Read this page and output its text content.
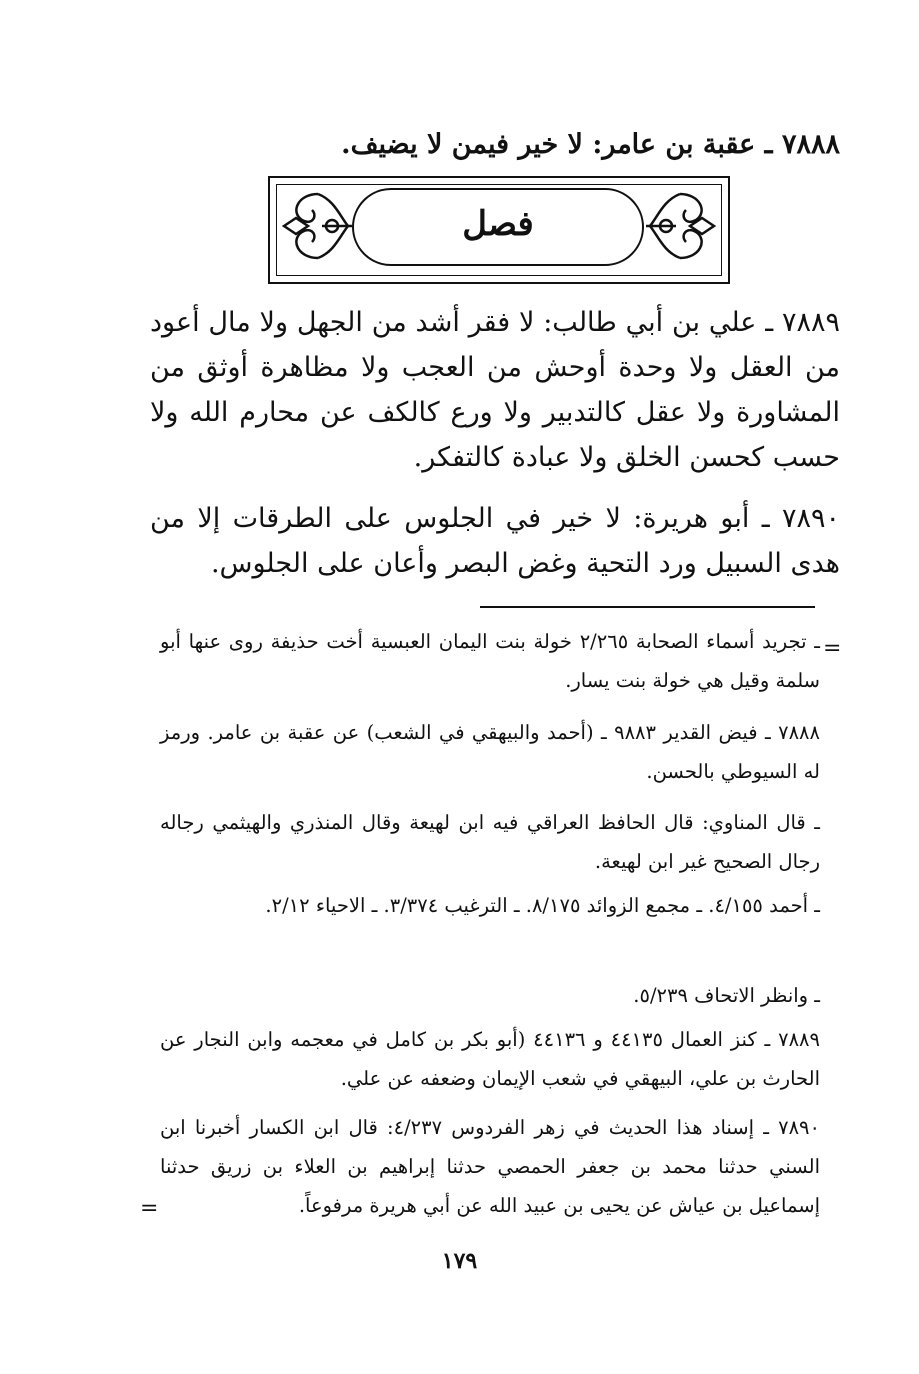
٧٨٨٨ ـ عقبة بن عامر: لا خير فيمن لا يضيف.

فصل

٧٨٨٩ ـ علي بن أبي طالب: لا فقر أشد من الجهل ولا مال أعود من العقل ولا وحدة أوحش من العجب ولا مظاهرة أوثق من المشاورة ولا عقل كالتدبير ولا ورع كالكف عن محارم الله ولا حسب كحسن الخلق ولا عبادة كالتفكر.

٧٨٩٠ ـ أبو هريرة: لا خير في الجلوس على الطرقات إلا من هدى السبيل ورد التحية وغض البصر وأعان على الجلوس.

=

ـ تجريد أسماء الصحابة ٢/٢٦٥ خولة بنت اليمان العبسية أخت حذيفة روى عنها أبو سلمة وقيل هي خولة بنت يسار.

٧٨٨٨ ـ فيض القدير ٩٨٨٣ ـ (أحمد والبيهقي في الشعب) عن عقبة بن عامر. ورمز له السيوطي بالحسن.

ـ قال المناوي: قال الحافظ العراقي فيه ابن لهيعة وقال المنذري والهيثمي رجاله رجال الصحيح غير ابن لهيعة.

ـ أحمد ٤/١٥٥. ـ مجمع الزوائد ٨/١٧٥. ـ الترغيب ٣/٣٧٤. ـ الاحياء ٢/١٢.

ـ وانظر الاتحاف ٥/٢٣٩.

٧٨٨٩ ـ كنز العمال ٤٤١٣٥ و ٤٤١٣٦ (أبو بكر بن كامل في معجمه وابن النجار عن الحارث بن علي، البيهقي في شعب الإيمان وضعفه عن علي.

٧٨٩٠ ـ إسناد هذا الحديث في زهر الفردوس ٤/٢٣٧: قال ابن الكسار أخبرنا ابن السني حدثنا محمد بن جعفر الحمصي حدثنا إبراهيم بن العلاء بن زريق حدثنا إسماعيل بن عياش عن يحيى بن عبيد الله عن أبي هريرة مرفوعاً.

=
١٧٩
